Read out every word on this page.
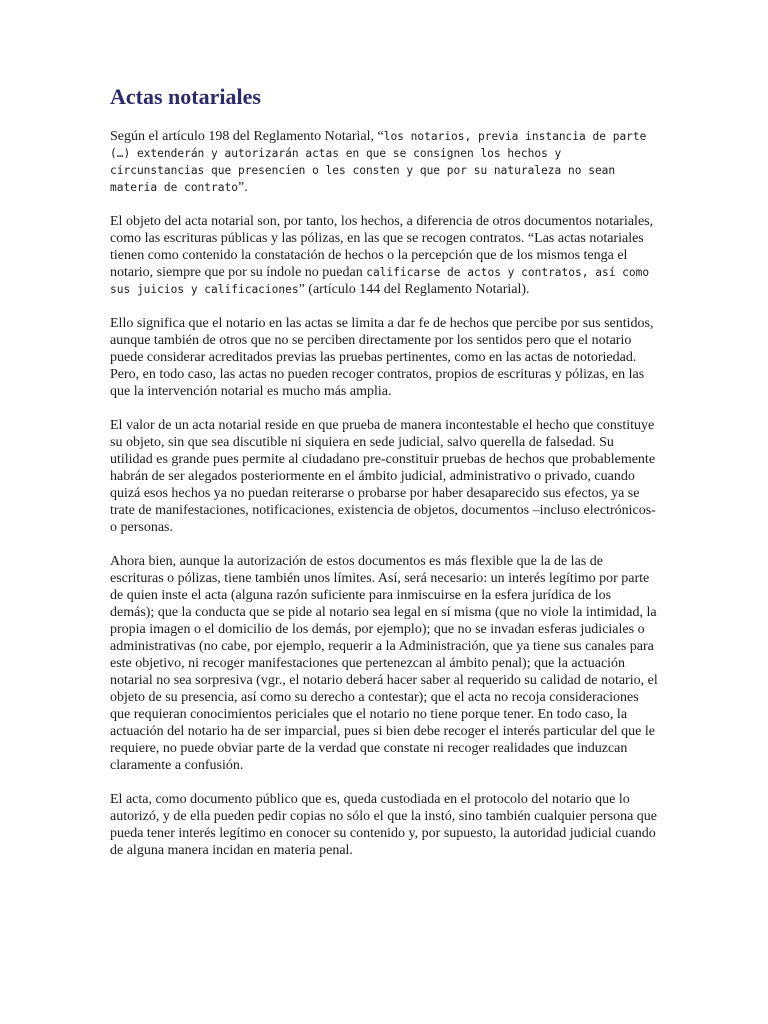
Actas notariales

Según el artículo 198 del Reglamento Notarial, “los notarios, previa instancia de parte (…) extenderán y autorizarán actas en que se consignen los hechos y circunstancias que presencien o les consten y que por su naturaleza no sean materia de contrato”.

El objeto del acta notarial son, por tanto, los hechos, a diferencia de otros documentos notariales, como las escrituras públicas y las pólizas, en las que se recogen contratos. “Las actas notariales tienen como contenido la constatación de hechos o la percepción que de los mismos tenga el notario, siempre que por su índole no puedan calificarse de actos y contratos, así como sus juicios y calificaciones” (artículo 144 del Reglamento Notarial).

Ello significa que el notario en las actas se limita a dar fe de hechos que percibe por sus sentidos, aunque también de otros que no se perciben directamente por los sentidos pero que el notario puede considerar acreditados previas las pruebas pertinentes, como en las actas de notoriedad. Pero, en todo caso, las actas no pueden recoger contratos, propios de escrituras y pólizas, en las que la intervención notarial es mucho más amplia.

El valor de un acta notarial reside en que prueba de manera incontestable el hecho que constituye su objeto, sin que sea discutible ni siquiera en sede judicial, salvo querella de falsedad. Su utilidad es grande pues permite al ciudadano pre-constituir pruebas de hechos que probablemente habrán de ser alegados posteriormente en el ámbito judicial, administrativo o privado, cuando quizá esos hechos ya no puedan reiterarse o probarse por haber desaparecido sus efectos, ya se trate de manifestaciones, notificaciones, existencia de objetos, documentos –incluso electrónicos- o personas.

Ahora bien, aunque la autorización de estos documentos es más flexible que la de las de escrituras o pólizas, tiene también unos límites. Así, será necesario: un interés legítimo por parte de quien inste el acta (alguna razón suficiente para inmiscuirse en la esfera jurídica de los demás); que la conducta que se pide al notario sea legal en sí misma (que no viole la intimidad, la propia imagen o el domicilio de los demás, por ejemplo); que no se invadan esferas judiciales o administrativas (no cabe, por ejemplo, requerir a la Administración, que ya tiene sus canales para este objetivo, ni recoger manifestaciones que pertenezcan al ámbito penal); que la actuación notarial no sea sorpresiva (vgr., el notario deberá hacer saber al requerido su calidad de notario, el objeto de su presencia, así como su derecho a contestar); que el acta no recoja consideraciones que requieran conocimientos periciales que el notario no tiene porque tener. En todo caso, la actuación del notario ha de ser imparcial, pues si bien debe recoger el interés particular del que le requiere, no puede obviar parte de la verdad que constate ni recoger realidades que induzcan claramente a confusión.

El acta, como documento público que es, queda custodiada en el protocolo del notario que lo autorizó, y de ella pueden pedir copias no sólo el que la instó, sino también cualquier persona que pueda tener interés legítimo en conocer su contenido y, por supuesto, la autoridad judicial cuando de alguna manera incidan en materia penal.
